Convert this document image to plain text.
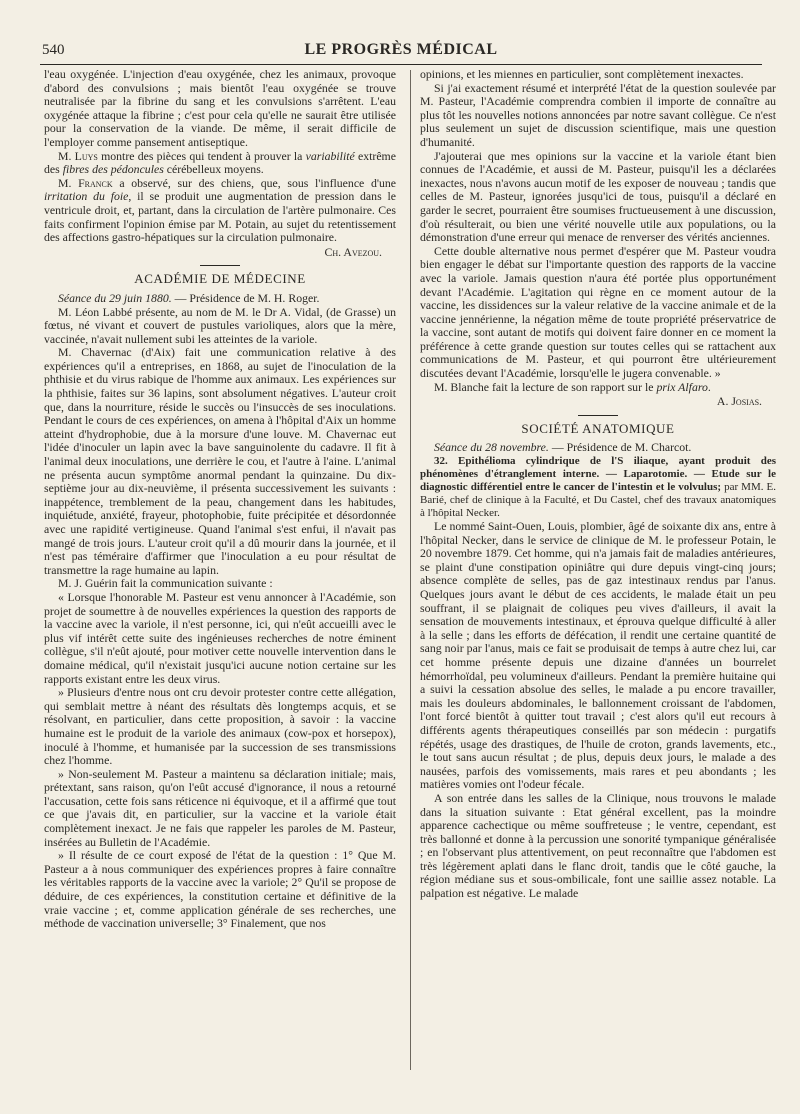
540	LE PROGRÈS MÉDICAL

l'eau oxygénée. L'injection d'eau oxygénée, chez les animaux, provoque d'abord des convulsions ; mais bientôt l'eau oxygénée se trouve neutralisée par la fibrine du sang et les convulsions s'arrêtent. L'eau oxygénée attaque la fibrine ; c'est pour cela qu'elle ne saurait être utilisée pour la conservation de la viande. De même, il serait difficile de l'employer comme pansement antiseptique.

M. Luys montre des pièces qui tendent à prouver la variabilité extrême des fibres des pédoncules cérébelleux moyens.

M. Franck a observé, sur des chiens, que, sous l'influence d'une irritation du foie, il se produit une augmentation de pression dans le ventricule droit, et, partant, dans la circulation de l'artère pulmonaire. Ces faits confirment l'opinion émise par M. Potain, au sujet du retentissement des affections gastro-hépatiques sur la circulation pulmonaire.

Ch. Avezou.
ACADÉMIE DE MÉDECINE

Séance du 29 juin 1880. — Présidence de M. H. Roger.

M. Léon Labbé présente, au nom de M. le Dr A. Vidal, (de Grasse) un fœtus, né vivant et couvert de pustules varioliques, alors que la mère, vaccinée, n'avait nullement subi les atteintes de la variole.

M. Chavernac (d'Aix) fait une communication relative à des expériences qu'il a entreprises, en 1868, au sujet de l'inoculation de la phthisie et du virus rabique de l'homme aux animaux. Les expériences sur la phthisie, faites sur 36 lapins, sont absolument négatives. L'auteur croit que, dans la nourriture, réside le succès ou l'insuccès de ses inoculations. Pendant le cours de ces expériences, on amena à l'hôpital d'Aix un homme atteint d'hydrophobie, due à la morsure d'une louve. M. Chavernac eut l'idée d'inoculer un lapin avec la bave sanguinolente du cadavre. Il fit à l'animal deux inoculations, une derrière le cou, et l'autre à l'aine. L'animal ne présenta aucun symptôme anormal pendant la quinzaine. Du dix-septième jour au dix-neuvième, il présenta successivement les suivants : inappétence, tremblement de la peau, changement dans les habitudes, inquiétude, anxiété, frayeur, photophobie, fuite précipitée et désordonnée avec une rapidité vertigineuse. Quand l'animal s'est enfui, il n'avait pas mangé de trois jours. L'auteur croit qu'il a dû mourir dans la journée, et il n'est pas téméraire d'affirmer que l'inoculation a eu pour résultat de transmettre la rage humaine au lapin.

M. J. Guérin fait la communication suivante :

« Lorsque l'honorable M. Pasteur est venu annoncer à l'Académie, son projet de soumettre à de nouvelles expériences la question des rapports de la vaccine avec la variole, il n'est personne, ici, qui n'eût accueilli avec le plus vif intérêt cette suite des ingénieuses recherches de notre éminent collègue, s'il n'eût ajouté, pour motiver cette nouvelle intervention dans le domaine médical, qu'il n'existait jusqu'ici aucune notion certaine sur les rapports existant entre les deux virus.

» Plusieurs d'entre nous ont cru devoir protester contre cette allégation, qui semblait mettre à néant des résultats dès longtemps acquis, et se résolvant, en particulier, dans cette proposition, à savoir : la vaccine humaine est le produit de la variole des animaux (cow-pox et horsepox), inoculé à l'homme, et humanisée par la succession de ses transmissions chez l'homme.

» Non-seulement M. Pasteur a maintenu sa déclaration initiale; mais, prétextant, sans raison, qu'on l'eût accusé d'ignorance, il nous a retourné l'accusation, cette fois sans réticence ni équivoque, et il a affirmé que tout ce que j'avais dit, en particulier, sur la vaccine et la variole était complètement inexact. Je ne fais que rappeler les paroles de M. Pasteur, insérées au Bulletin de l'Académie.

» Il résulte de ce court exposé de l'état de la question : 1° Que M. Pasteur a à nous communiquer des expériences propres à faire connaître les véritables rapports de la vaccine avec la variole; 2° Qu'il se propose de déduire, de ces expériences, la constitution certaine et définitive de la vraie vaccine ; et, comme application générale de ses recherches, une méthode de vaccination universelle; 3° Finalement, que nos

opinions, et les miennes en particulier, sont complètement inexactes.

Si j'ai exactement résumé et interprété l'état de la question soulevée par M. Pasteur, l'Académie comprendra combien il importe de connaître au plus tôt les nouvelles notions annoncées par notre savant collègue. Ce n'est plus seulement un sujet de discussion scientifique, mais une question d'humanité.

J'ajouterai que mes opinions sur la vaccine et la variole étant bien connues de l'Académie, et aussi de M. Pasteur, puisqu'il les a déclarées inexactes, nous n'avons aucun motif de les exposer de nouveau ; tandis que celles de M. Pasteur, ignorées jusqu'ici de tous, puisqu'il a déclaré en garder le secret, pourraient être soumises fructueusement à une discussion, d'où résulterait, ou bien une vérité nouvelle utile aux populations, ou la démonstration d'une erreur qui menace de renverser des vérités anciennes.

Cette double alternative nous permet d'espérer que M. Pasteur voudra bien engager le débat sur l'importante question des rapports de la vaccine avec la variole. Jamais question n'aura été portée plus opportunément devant l'Académie. L'agitation qui règne en ce moment autour de la vaccine, les dissidences sur la valeur relative de la vaccine animale et de la vaccine jennérienne, la négation même de toute propriété préservatrice de la vaccine, sont autant de motifs qui doivent faire donner en ce moment la préférence à cette grande question sur toutes celles qui se rattachent aux communications de M. Pasteur, et qui pourront être ultérieurement discutées devant l'Académie, lorsqu'elle le jugera convenable. »

M. Blanche fait la lecture de son rapport sur le prix Alfaro.

A. Josias.
SOCIÉTÉ ANATOMIQUE

Séance du 28 novembre. — Présidence de M. Charcot.

32. Epithélioma cylindrique de l'S iliaque, ayant produit des phénomènes d'étranglement interne. — Laparotomie. — Etude sur le diagnostic différentiel entre le cancer de l'intestin et le volvulus; par MM. E. Barié, chef de clinique à la Faculté, et Du Castel, chef des travaux anatomiques à l'hôpital Necker.

Le nommé Saint-Ouen, Louis, plombier, âgé de soixante dix ans, entre à l'hôpital Necker, dans le service de clinique de M. le professeur Potain, le 20 novembre 1879. Cet homme, qui n'a jamais fait de maladies antérieures, se plaint d'une constipation opiniâtre qui dure depuis vingt-cinq jours; absence complète de selles, pas de gaz intestinaux rendus par l'anus. Quelques jours avant le début de ces accidents, le malade était un peu souffrant, il se plaignait de coliques peu vives d'ailleurs, il avait la sensation de mouvements intestinaux, et éprouva quelque difficulté à aller à la selle ; dans les efforts de défécation, il rendit une certaine quantité de sang noir par l'anus, mais ce fait se produisait de temps à autre chez lui, car cet homme présente depuis une dizaine d'années un bourrelet hémorrhoïdal, peu volumineux d'ailleurs. Pendant la première huitaine qui a suivi la cessation absolue des selles, le malade a pu encore travailler, mais les douleurs abdominales, le ballonnement croissant de l'abdomen, l'ont forcé bientôt à quitter tout travail ; c'est alors qu'il eut recours à différents agents thérapeutiques conseillés par son médecin : purgatifs répétés, usage des drastiques, de l'huile de croton, grands lavements, etc., le tout sans aucun résultat ; de plus, depuis deux jours, le malade a des nausées, parfois des vomissements, mais rares et peu abondants ; les matières vomies ont l'odeur fécale.

A son entrée dans les salles de la Clinique, nous trouvons le malade dans la situation suivante : Etat général excellent, pas la moindre apparence cachectique ou même souffreteuse ; le ventre, cependant, est très ballonné et donne à la percussion une sonorité tympanique généralisée ; en l'observant plus attentivement, on peut reconnaître que l'abdomen est très légèrement aplati dans le flanc droit, tandis que le côté gauche, la région médiane sus et sous-ombilicale, font une saillie assez notable. La palpation est négative. Le malade
